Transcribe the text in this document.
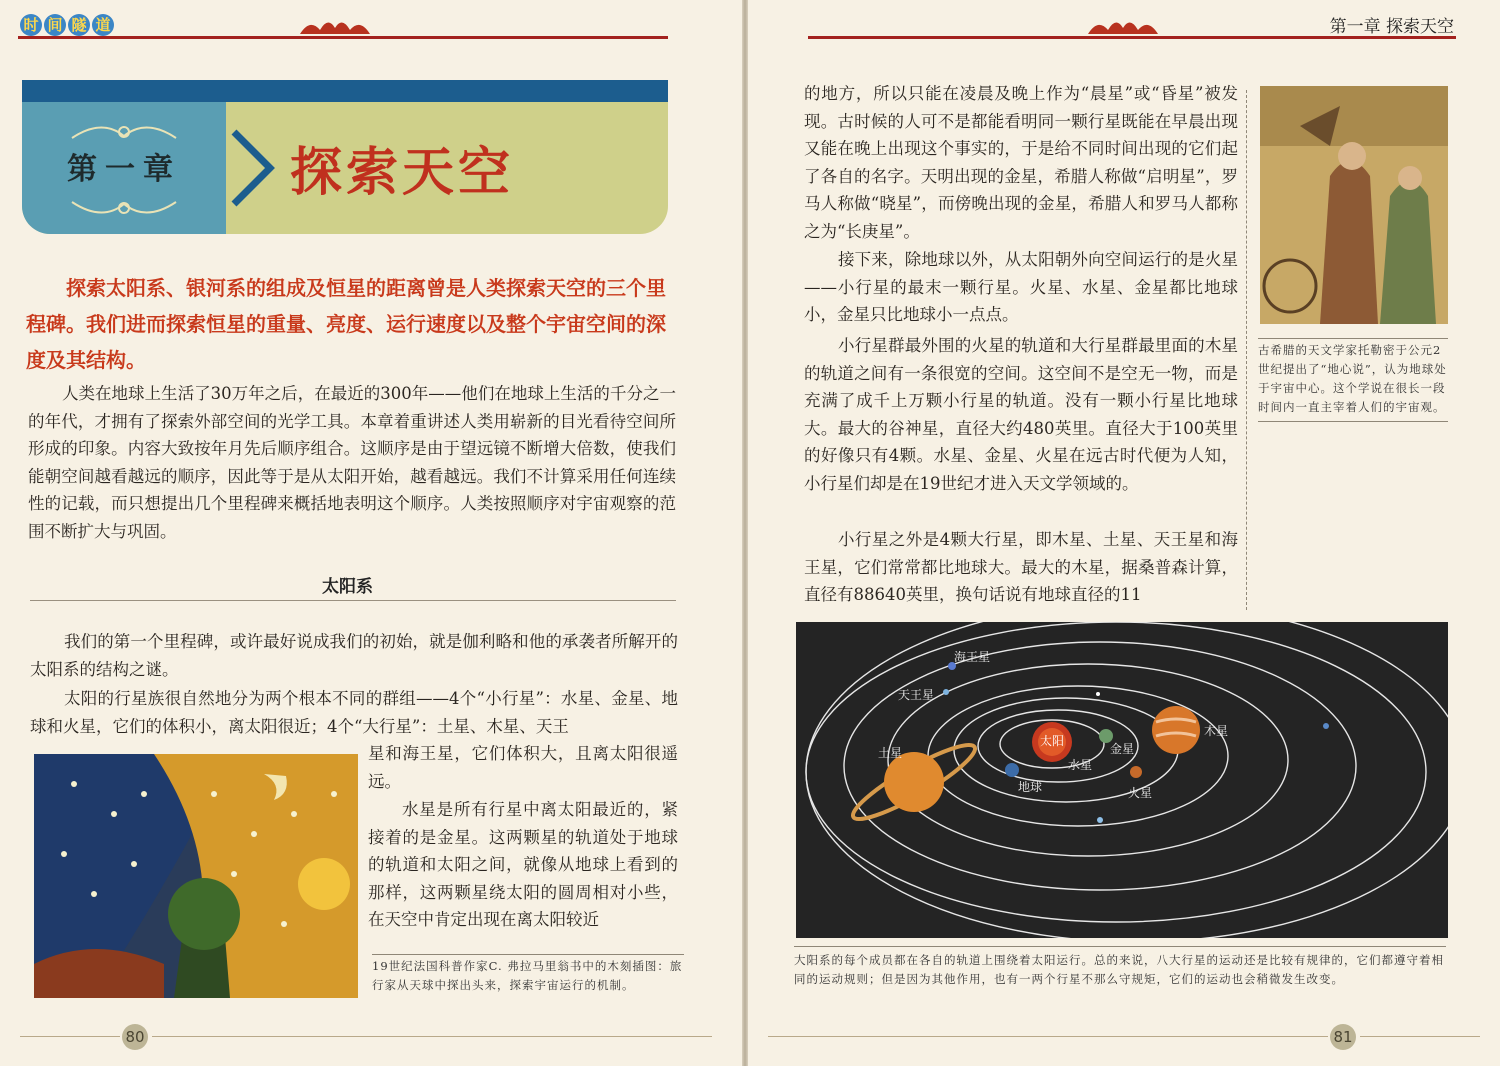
时 间 隧 道
第一章	探索天空
探索太阳系、银河系的组成及恒星的距离曾是人类探索天空的三个里程碑。我们进而探索恒星的重量、亮度、运行速度以及整个宇宙空间的深度及其结构。
人类在地球上生活了30万年之后，在最近的300年——他们在地球上生活的千分之一的年代，才拥有了探索外部空间的光学工具。本章着重讲述人类用崭新的目光看待空间所形成的印象。内容大致按年月先后顺序组合。这顺序是由于望远镜不断增大倍数，使我们能朝空间越看越远的顺序，因此等于是从太阳开始，越看越远。我们不计算采用任何连续性的记载，而只想提出几个里程碑来概括地表明这个顺序。人类按照顺序对宇宙观察的范围不断扩大与巩固。
太阳系
我们的第一个里程碑，或许最好说成我们的初始，就是伽利略和他的承袭者所解开的太阳系的结构之谜。
太阳的行星族很自然地分为两个根本不同的群组——4个“小行星”：水星、金星、地球和火星，它们的体积小，离太阳很近；4个“大行星”：土星、木星、天王
星和海王星，它们体积大，且离太阳很遥远。
水星是所有行星中离太阳最近的，紧接着的是金星。这两颗星的轨道处于地球的轨道和太阳之间，就像从地球上看到的那样，这两颗星绕太阳的圆周相对小些，在天空中肯定出现在离太阳较近
19世纪法国科普作家C. 弗拉马里翁书中的木刻插图：旅行家从天球中探出头来，探索宇宙运行的机制。
80
第一章 探索天空
的地方，所以只能在凌晨及晚上作为“晨星”或“昏星”被发现。古时候的人可不是都能看明同一颗行星既能在早晨出现又能在晚上出现这个事实的，于是给不同时间出现的它们起了各自的名字。天明出现的金星，希腊人称做“启明星”，罗马人称做“晓星”，而傍晚出现的金星，希腊人和罗马人都称之为“长庚星”。
接下来，除地球以外，从太阳朝外向空间运行的是火星——小行星的最末一颗行星。火星、水星、金星都比地球小，金星只比地球小一点点。
小行星群最外围的火星的轨道和大行星群最里面的木星的轨道之间有一条很宽的空间。这空间不是空无一物，而是充满了成千上万颗小行星的轨道。没有一颗小行星比地球大。最大的谷神星，直径大约480英里。直径大于100英里的好像只有4颗。水星、金星、火星在远古时代便为人知，小行星们却是在19世纪才进入天文学领域的。
小行星之外是4颗大行星，即木星、土星、天王星和海王星，它们常常都比地球大。最大的木星，据桑普森计算，直径有88640英里，换句话说有地球直径的11
古希腊的天文学家托勒密于公元2世纪提出了“地心说”，认为地球处于宇宙中心。这个学说在很长一段时间内一直主宰着人们的宇宙观。
海王星
天王星
土星
太阳
水星
金星
地球	火星
木星
大阳系的每个成员都在各自的轨道上围绕着太阳运行。总的来说，八大行星的运动还是比较有规律的，它们都遵守着相同的运动规则；但是因为其他作用，也有一两个行星不那么守规矩，它们的运动也会稍微发生改变。
81
